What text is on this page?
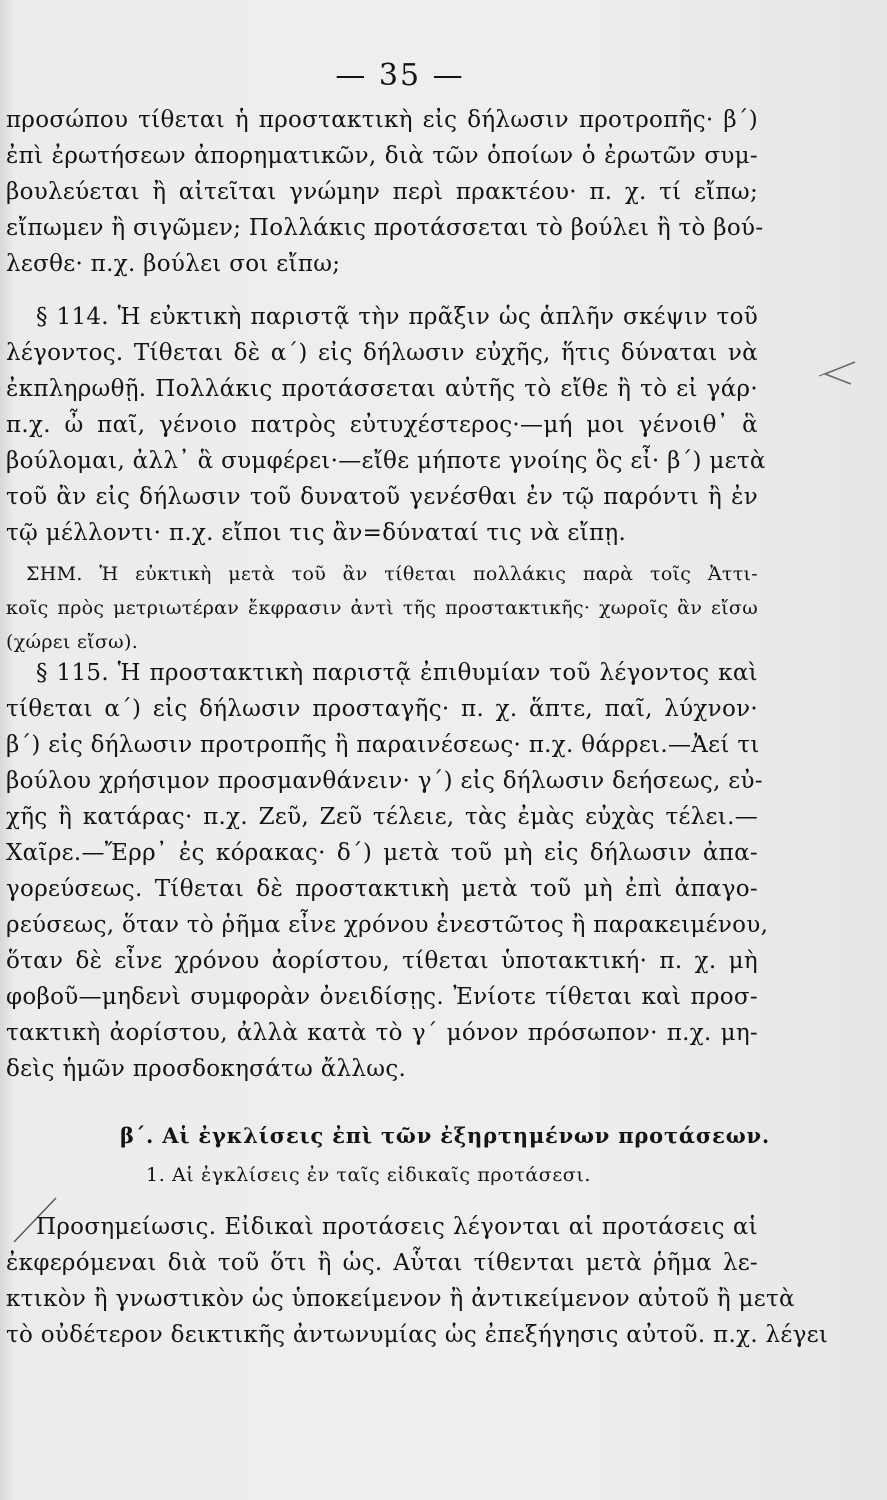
— 35 —
προσώπου τίθεται ἡ προστακτικὴ εἰς δήλωσιν προτροπῆς· β΄)
ἐπὶ ἐρωτήσεων ἀπορηματικῶν, διὰ τῶν ὁποίων ὁ ἐρωτῶν συμ-
βουλεύεται ἢ αἰτεῖται γνώμην περὶ πρακτέου· π. χ. τί εἴπω;
εἴπωμεν ἢ σιγῶμεν; Πολλάκις προτάσσεται τὸ βούλει ἢ τὸ βού-
λεσθε· π.χ. βούλει σοι εἴπω;
§ 114. Ἡ εὐκτικὴ παριστᾷ τὴν πρᾶξιν ὡς ἁπλῆν σκέψιν τοῦ
λέγοντος. Τίθεται δὲ α΄) εἰς δήλωσιν εὐχῆς, ἥτις δύναται νὰ
ἐκπληρωθῇ. Πολλάκις προτάσσεται αὐτῆς τὸ εἴθε ἢ τὸ εἰ γάρ·
π.χ. ὦ παῖ, γένοιο πατρὸς εὐτυχέστερος·—μή μοι γένοιθ᾽ ἃ
βούλομαι, ἀλλ᾽ ἃ συμφέρει·—εἴθε μήποτε γνοίης ὃς εἶ· β΄) μετὰ
τοῦ ἂν εἰς δήλωσιν τοῦ δυνατοῦ γενέσθαι ἐν τῷ παρόντι ἢ ἐν
τῷ μέλλοντι· π.χ. εἴποι τις ἂν=δύναταί τις νὰ εἴπῃ.
ΣΗΜ. Ἡ εὐκτικὴ μετὰ τοῦ ἂν τίθεται πολλάκις παρὰ τοῖς Ἀττι-
κοῖς πρὸς μετριωτέραν ἔκφρασιν ἀντὶ τῆς προστακτικῆς· χωροῖς ἂν εἴσω
(χώρει εἴσω).
§ 115. Ἡ προστακτικὴ παριστᾷ ἐπιθυμίαν τοῦ λέγοντος καὶ
τίθεται α΄) εἰς δήλωσιν προσταγῆς· π. χ. ἅπτε, παῖ, λύχνον·
β΄) εἰς δήλωσιν προτροπῆς ἢ παραινέσεως· π.χ. θάρρει.—Ἀεί τι
βούλου χρήσιμον προσμανθάνειν· γ΄) εἰς δήλωσιν δεήσεως, εὐ-
χῆς ἢ κατάρας· π.χ. Ζεῦ, Ζεῦ τέλειε, τὰς ἐμὰς εὐχὰς τέλει.—
Χαῖρε.—Ἔρρ᾽ ἐς κόρακας· δ΄) μετὰ τοῦ μὴ εἰς δήλωσιν ἀπα-
γορεύσεως. Τίθεται δὲ προστακτικὴ μετὰ τοῦ μὴ ἐπὶ ἀπαγο-
ρεύσεως, ὅταν τὸ ῥῆμα εἶνε χρόνου ἐνεστῶτος ἢ παρακειμένου,
ὅταν δὲ εἶνε χρόνου ἀορίστου, τίθεται ὑποτακτική· π. χ. μὴ
φοβοῦ—μηδενὶ συμφορὰν ὀνειδίσῃς. Ἐνίοτε τίθεται καὶ προσ-
τακτικὴ ἀορίστου, ἀλλὰ κατὰ τὸ γ΄ μόνον πρόσωπον· π.χ. μη-
δεὶς ἡμῶν προσδοκησάτω ἄλλως.
β΄. Αἱ ἐγκλίσεις ἐπὶ τῶν ἐξηρτημένων προτάσεων.
1. Αἱ ἐγκλίσεις ἐν ταῖς εἰδικαῖς προτάσεσι.
Προσημείωσις. Εἰδικαὶ προτάσεις λέγονται αἱ προτάσεις αἱ
ἐκφερόμεναι διὰ τοῦ ὅτι ἢ ὡς. Αὗται τίθενται μετὰ ῥῆμα λε-
κτικὸν ἢ γνωστικὸν ὡς ὑποκείμενον ἢ ἀντικείμενον αὐτοῦ ἢ μετὰ
τὸ οὐδέτερον δεικτικῆς ἀντωνυμίας ὡς ἐπεξήγησις αὐτοῦ. π.χ. λέγει
